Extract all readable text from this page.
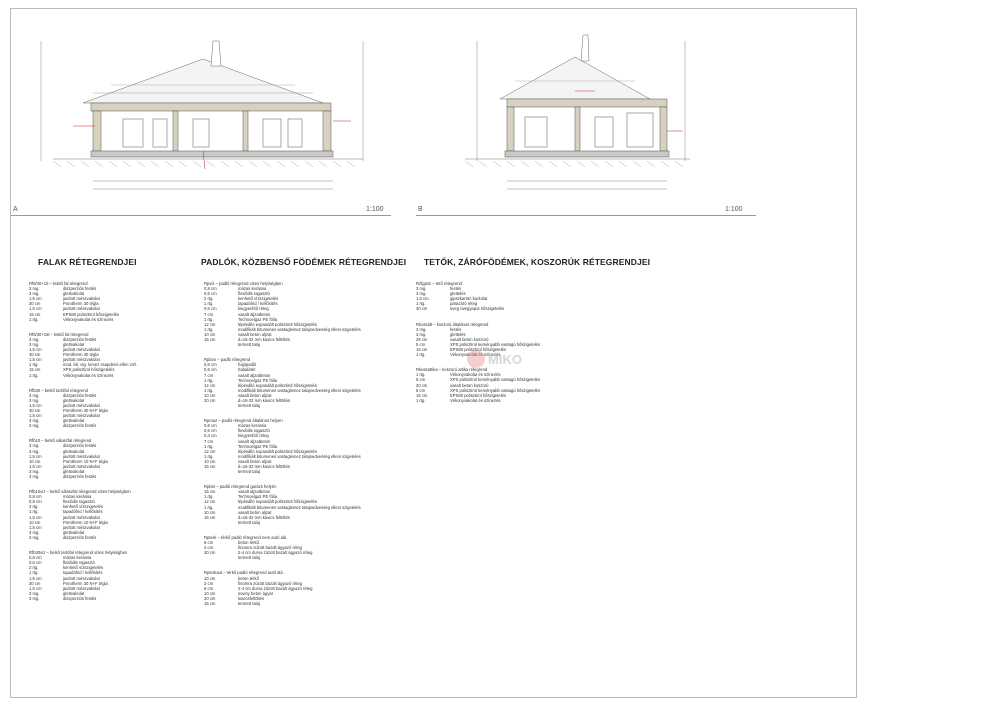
A	1:100	B	1:100
FALAK RÉTEGRENDJEI	PADLÓK, KÖZBENSŐ FÖDÉMEK RÉTEGRENDJEI TETŐK, ZÁRÓFÖDÉMEK, KOSZORÚK RÉTEGRENDJEI
Rf6/30+15 – külső fal rétegrend
3 mg.	diszperziós festés
3 mg.	glettvakolat
1,5 cm	javított mészvakolat
30 cm	Porotherm 30 tégla
1,5 cm	javított mészvakolat
15 cm	EPS80 polisztirol hőszigetelés
1 rtg.	Vékonyvakolat és színezés
Rf6/30+15l – külső fal rétegrend
3 mg.	diszperziós festés
3 mg.	glettvakolat
1,5 cm	javított mészvakolat
30 cm	Porotherm 30 tégla
1,5 cm	javított mészvakolat
1 rtg.	mod. bit. vtg. lemez csapdesó ellen vízl.
15 cm	XPS polisztirol hőszigetelés
1 rtg.	Vékonyvakolat és színezés
Rfb30 – belső tartófal rétegrend
3 mg.	diszperziós festés
3 mg.	glettvakolat
1,5 cm	javított mészvakolat
30 cm	Porotherm 30 N+F tégla
1,5 cm	javított mészvakolat
3 mg.	glettvakolat
3 mg.	diszperziós festés
Rfb10 – belső válaszfal rétegrend
3 mg.	diszperziós festés
3 mg.	glettvakolat
1,5 cm	javított mészvakolat
10 cm	Porotherm 10 N+F tégla
1,5 cm	javított mészvakolat
3 mg.	glettvakolat
3 mg.	diszperziós festés
Rfb10viz – belső válaszfal rétegrend vizes helyiségben
0,8 cm	mázas kerámia
0,6 cm	flexibilis ragasztó
2 rtg.	kenhető vízszigetelés
1 rtg.	tapadóhíd / kellősítés
1,5 cm	javított mészvakolat
10 cm	Porotherm 10 N+F tégla
1,5 cm	javított mészvakolat
3 mg.	glettvakolat
3 mg.	diszperziós festés
Rfb30viz – belső tartófal rétegrend vizes helyiségben
0,8 cm	mázas kerámia
0,6 cm	flexibilis ragasztó
2 rtg.	kenhető vízszigetelés
1 rtg.	tapadóhíd / kellősítés
1,5 cm	javított mészvakolat
30 cm	Porotherm 30 N+F tégla
1,5 cm	javított mészvakolat
3 mg.	glettvakolat
3 mg.	diszperziós festés
Rpviz – padló rétegrend vizes helyiségben
0,8 cm	mázas kerámia
0,6 cm	flexibilis ragasztó
2 rtg.	kenhető vízszigetelés
1 rtg.	tapadóhíd / kellősítés
0,6 cm	kiegyenlítő réteg
7 cm	vasalt aljzatbeton
1 rtg.	Technoelgaz PE fólia
12 cm	lépésálló expandált polisztirol hőszigetelés
1 rtg.	modifikált bitumenes vastaglemez talajnedvesség elleni szigetelés
10 cm	vasalt beton aljzat
15 cm	d=16-32 mm kavics feltöltés
termett talaj
Rplam – padló rétegrend
0,6 cm	hajópadló
0,6 cm	habalátét
7 cm	vasalt aljzatbeton
1 rtg.	Technoelgaz PE fólia
12 cm	lépésálló expandált polisztirol hőszigetelés
1 rtg.	modifikált bitumenes vastaglemez talajnedvesség elleni szigetelés
10 cm	vasalt beton aljzat
20 cm	d=16-32 mm kavics feltöltés
termett talaj
Rpmaz – padló rétegrend általános helyen
0,8 cm	mázas kerámia
0,6 cm	flexibilis ragasztó
0,4 cm	kiegyenlítő réteg
7 cm	vasalt aljzatbeton
1 rtg.	Technoelgaz PE fólia
12 cm	lépésálló expandált polisztirol hőszigetelés
1 rtg.	modifikált bitumenes vastaglemez talajnedvesség elleni szigetelés
10 cm	vasalt beton aljzat
15 cm	d=16-32 mm kavics feltöltés
termett talaj
Rpbet – padló rétegrend garázs helyén
15 cm	vasalt aljzatbeton
1 rtg.	Technoelgaz PE fólia
12 cm	lépésálló expandált polisztirol hőszigetelés
1 rtg.	modifikált bitumenes vastaglemez talajnedvesség elleni szigetelés
10 cm	vasalt beton aljzat
15 cm	d=16-32 mm kavics feltöltés
termett talaj
Rpterk – térkő padló rétegrend nem autó alá
6 cm	beton térkő
2 cm	finomra zúzott bazalt ágyazó réteg
30 cm	2-4 cm durva zúzott bazalt ágyazó réteg
termett talaj
Rpterkaut – térkő padló rétegrend autó alá
10 cm	beton térkő
2 cm	finomra zúzott bazalt ágyazó réteg
6 cm	2-4 cm durva zúzott bazalt ágyazó réteg
10 cm	soviny beton ágyat
20 cm	kavicsfeltöltés
15 cm	termett talaj
Rzfgpsz – tető rétegrend:
3 mg.	festés
3 mg.	glettelés
1,5 cm	gipszkarton burkolat
1 rtg.	párazáró réteg
30 cm	üveg üvegyapot hőszigetelés
Rkoszált – koszorú általános rétegrend
3 mg.	festés
3 mg.	glettelés
25 cm	vasalt beton koszorú
5 cm	XPS polisztirol keményabb vastagú hőszigetelés
15 cm	EPS80 polisztirol hőszigetelés
1 rtg.	Vékonyvakolat és színezés
Rkoszattika – koszorú attika rétegrend
1 rtg.	Vékonyvakolat és színezés
5 cm	XPS polisztirol keményabb vastagú hőszigetelés
20 cm	vasalt beton koszorú
5 cm	XPS polisztirol keményabb vastagú hőszigetelés
15 cm	EPS80 polisztirol hőszigetelés
1 rtg.	Vékonyvakolat és színezés
MIKO
